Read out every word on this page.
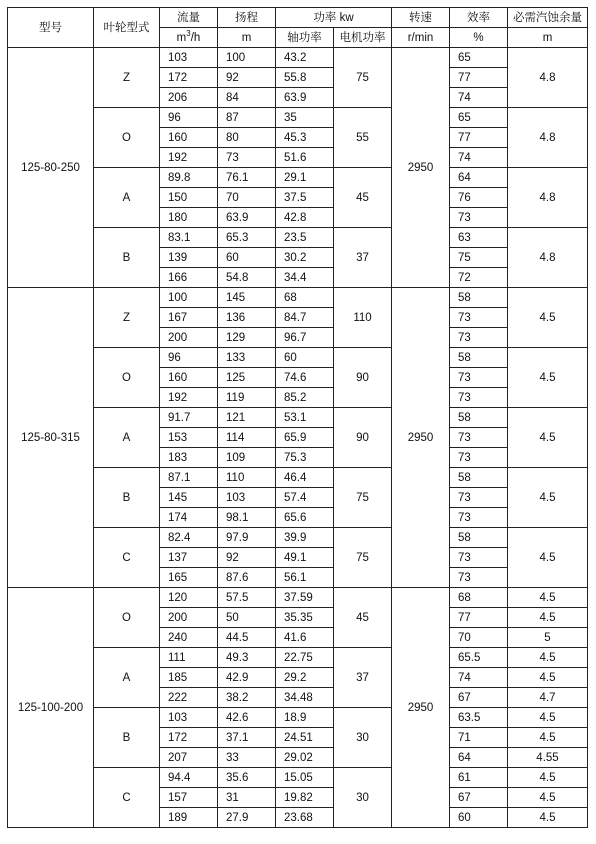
型号	叶轮型式	流量	扬程	功率 kw		转速	效率	必需汽蚀余量
		$m^3/h$	m	轴功率	电机功率	r/min	%	m
125-80-250	Z	103	100	43.2	75	2950	65	4.8
		172	92	55.8			77	
		206	84	63.9			74	
	O	96	87	35	55		65	4.8
		160	80	45.3			77	
		192	73	51.6			74	
	A	89.8	76.1	29.1	45		64	4.8
		150	70	37.5			76	
		180	63.9	42.8			73	
	B	83.1	65.3	23.5	37		63	4.8
		139	60	30.2			75	
		166	54.8	34.4			72	
125-80-315	Z	100	145	68	110	2950	58	4.5
		167	136	84.7			73	
		200	129	96.7			73	
	O	96	133	60	90		58	4.5
		160	125	74.6			73	
		192	119	85.2			73	
	A	91.7	121	53.1	90		58	4.5
		153	114	65.9			73	
		183	109	75.3			73	
	B	87.1	110	46.4	75		58	4.5
		145	103	57.4			73	
		174	98.1	65.6			73	
	C	82.4	97.9	39.9	75		58	4.5
		137	92	49.1			73	
		165	87.6	56.1			73	
125-100-200	O	120	57.5	37.59	45	2950	68	4.5
		200	50	35.35			77	4.5
		240	44.5	41.6			70	5
	A	111	49.3	22.75	37		65.5	4.5
		185	42.9	29.2			74	4.5
		222	38.2	34.48			67	4.7
	B	103	42.6	18.9	30		63.5	4.5
		172	37.1	24.51			71	4.5
		207	33	29.02			64	4.55
	C	94.4	35.6	15.05	30		61	4.5
		157	31	19.82			67	4.5
		189	27.9	23.68			60	4.5
